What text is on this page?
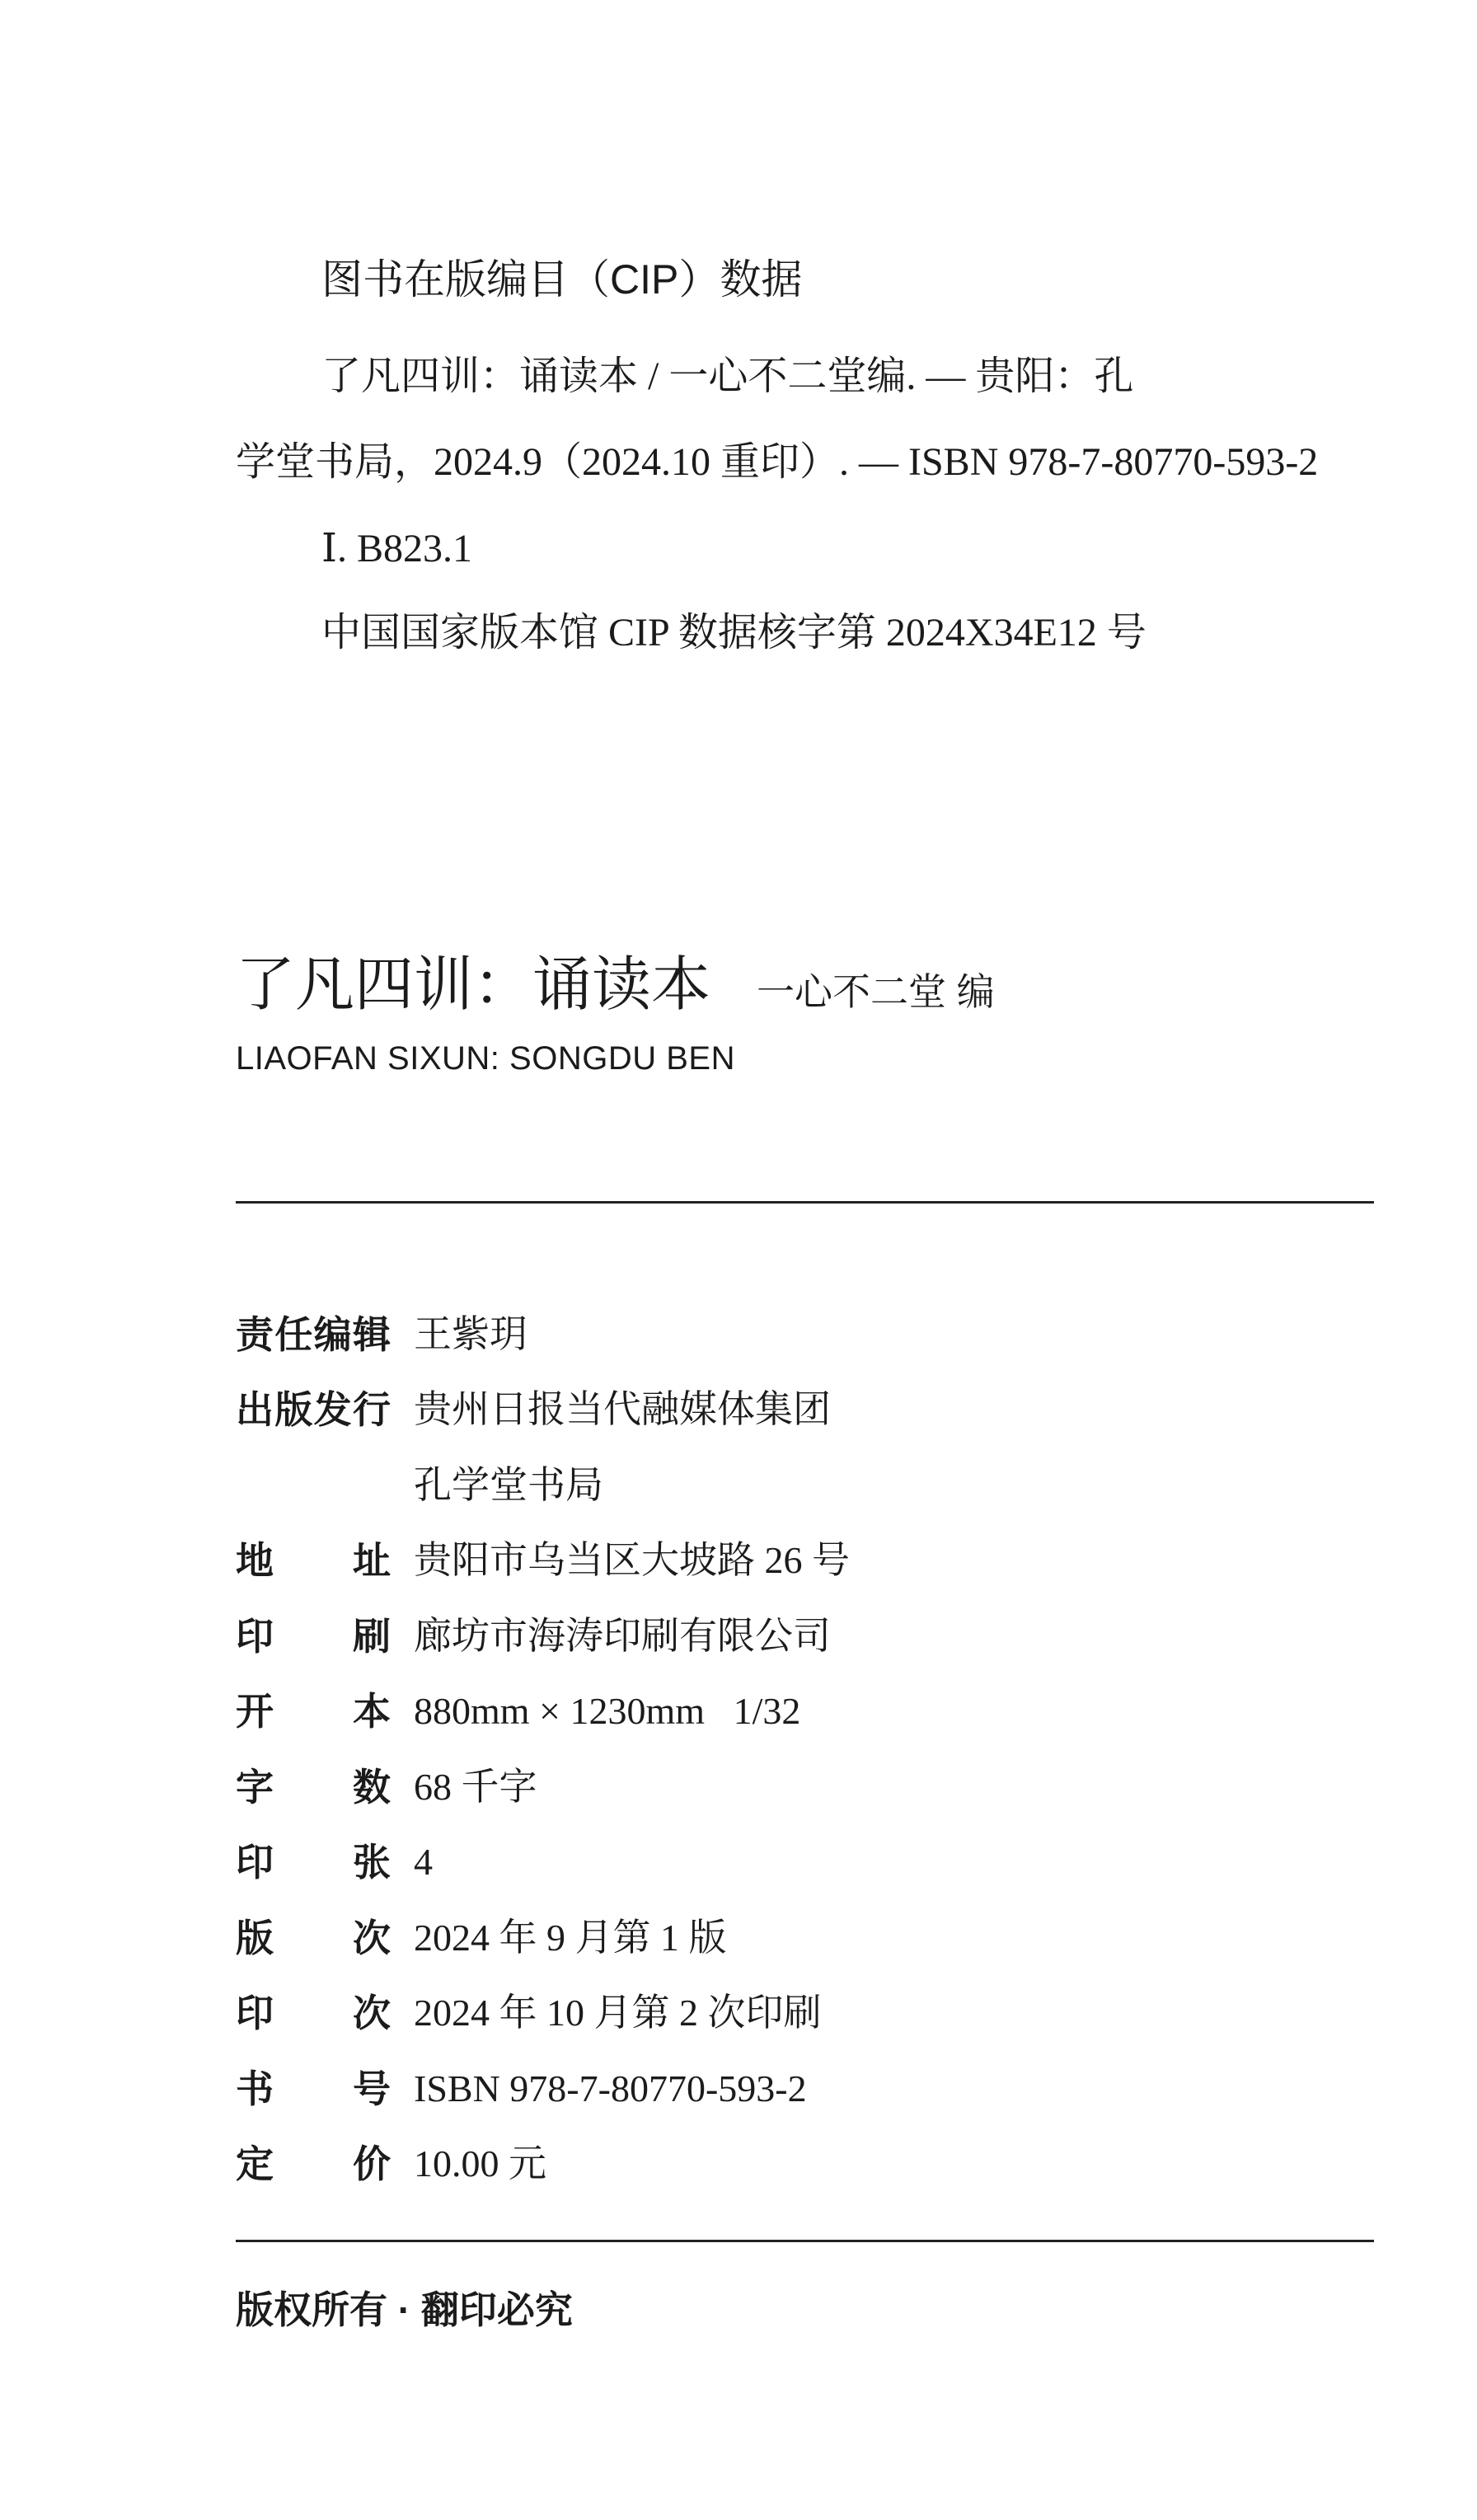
图书在版编目（CIP）数据
了凡四训：诵读本 / 一心不二堂编. — 贵阳：孔
学堂书局，2024.9（2024.10 重印）. — ISBN 978-7-80770-593-2
Ⅰ. B823.1
中国国家版本馆 CIP 数据核字第 2024X34E12 号
了凡四训：诵读本 一心不二堂 编
LIAOFAN SIXUN: SONGDU BEN
责任编辑 王紫玥
出版发行 贵州日报当代融媒体集团
孔学堂书局
地址 贵阳市乌当区大坡路 26 号
印刷 廊坊市海涛印刷有限公司
开本 880mm × 1230mm   1/32
字数 68 千字
印张 4
版次 2024 年 9 月第 1 版
印次 2024 年 10 月第 2 次印刷
书号 ISBN 978-7-80770-593-2
定价 10.00 元
版权所有 · 翻印必究
